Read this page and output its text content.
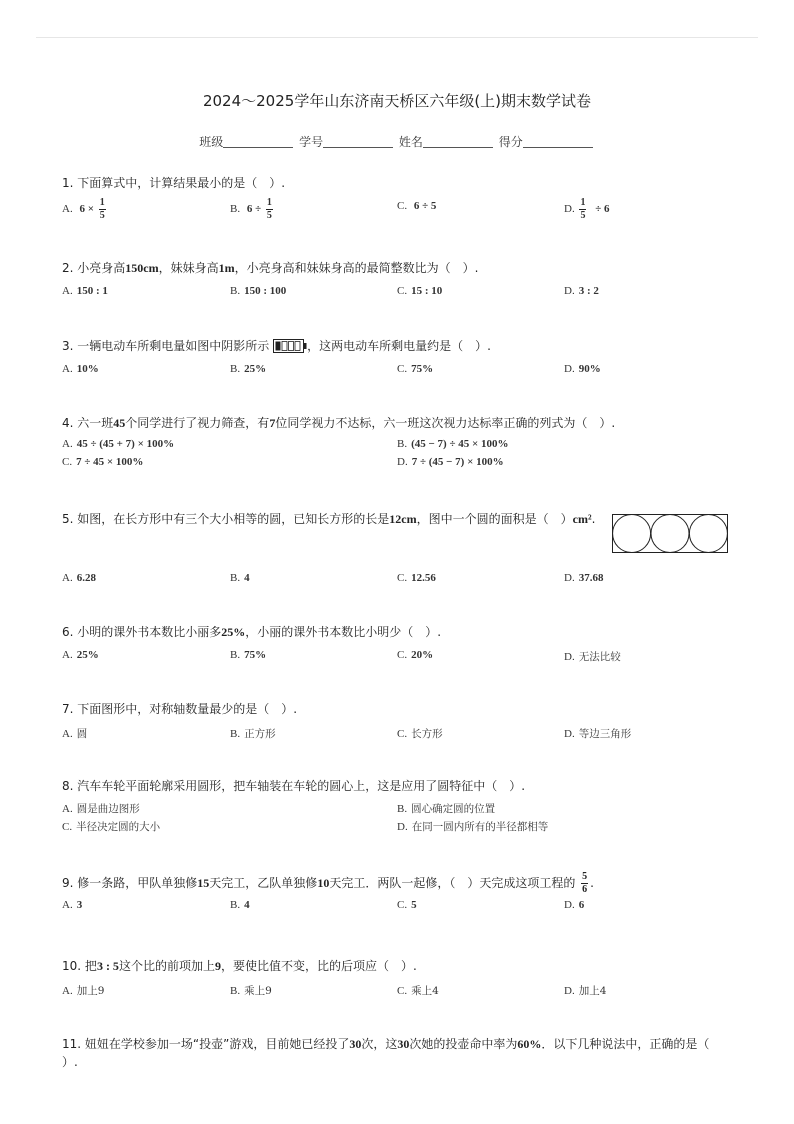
2024～2025学年山东济南天桥区六年级(上)期末数学试卷
班级	学号	姓名	得分
1. 下面算式中，计算结果最小的是（　）.
A. $6 \times \frac{1}{5}$	B. $6 \div \frac{1}{5}$	C. 6 ÷ 5	D. $\frac{1}{5} \div 6$
2. 小亮身高150cm，妹妹身高1m，小亮身高和妹妹身高的最简整数比为（　）.
A. 150 : 1	B. 150 : 100	C. 15 : 10	D. 3 : 2
3. 一辆电动车所剩电量如图中阴影所示	，这两电动车所剩电量约是（　）.
A. 10%	B. 25%	C. 75%	D. 90%
4. 六一班45个同学进行了视力筛查，有7位同学视力不达标，六一班这次视力达标率正确的列式为（　）.
A. 45 ÷ (45 + 7) × 100%	B. (45 − 7) ÷ 45 × 100%
C. 7 ÷ 45 × 100%	D. 7 ÷ (45 − 7) × 100%
5. 如图，在长方形中有三个大小相等的圆，已知长方形的长是12cm，图中一个圆的面积是（　）cm².
A. 6.28	B. 4	C. 12.56	D. 37.68
6. 小明的课外书本数比小丽多25%，小丽的课外书本数比小明少（　）.
A. 25%	B. 75%	C. 20%	D. 无法比较
7. 下面图形中，对称轴数量最少的是（　）.
A. 圆	B. 正方形	C. 长方形	D. 等边三角形
8. 汽车车轮平面轮廓采用圆形，把车轴装在车轮的圆心上，这是应用了圆特征中（　）.
A. 圆是曲边图形	B. 圆心确定圆的位置
C. 半径决定圆的大小	D. 在同一圆内所有的半径都相等
9. 修一条路，甲队单独修15天完工，乙队单独修10天完工．两队一起修，（　）天完成这项工程的 $\frac{5}{6}$ .
A. 3	B. 4	C. 5	D. 6
10. 把3 : 5这个比的前项加上9，要使比值不变，比的后项应（　）.
A. 加上9	B. 乘上9	C. 乘上4	D. 加上4
11. 妞妞在学校参加一场“投壶”游戏，目前她已经投了30次，这30次她的投壶命中率为60%．以下几种说法中，正确的是（
）.
